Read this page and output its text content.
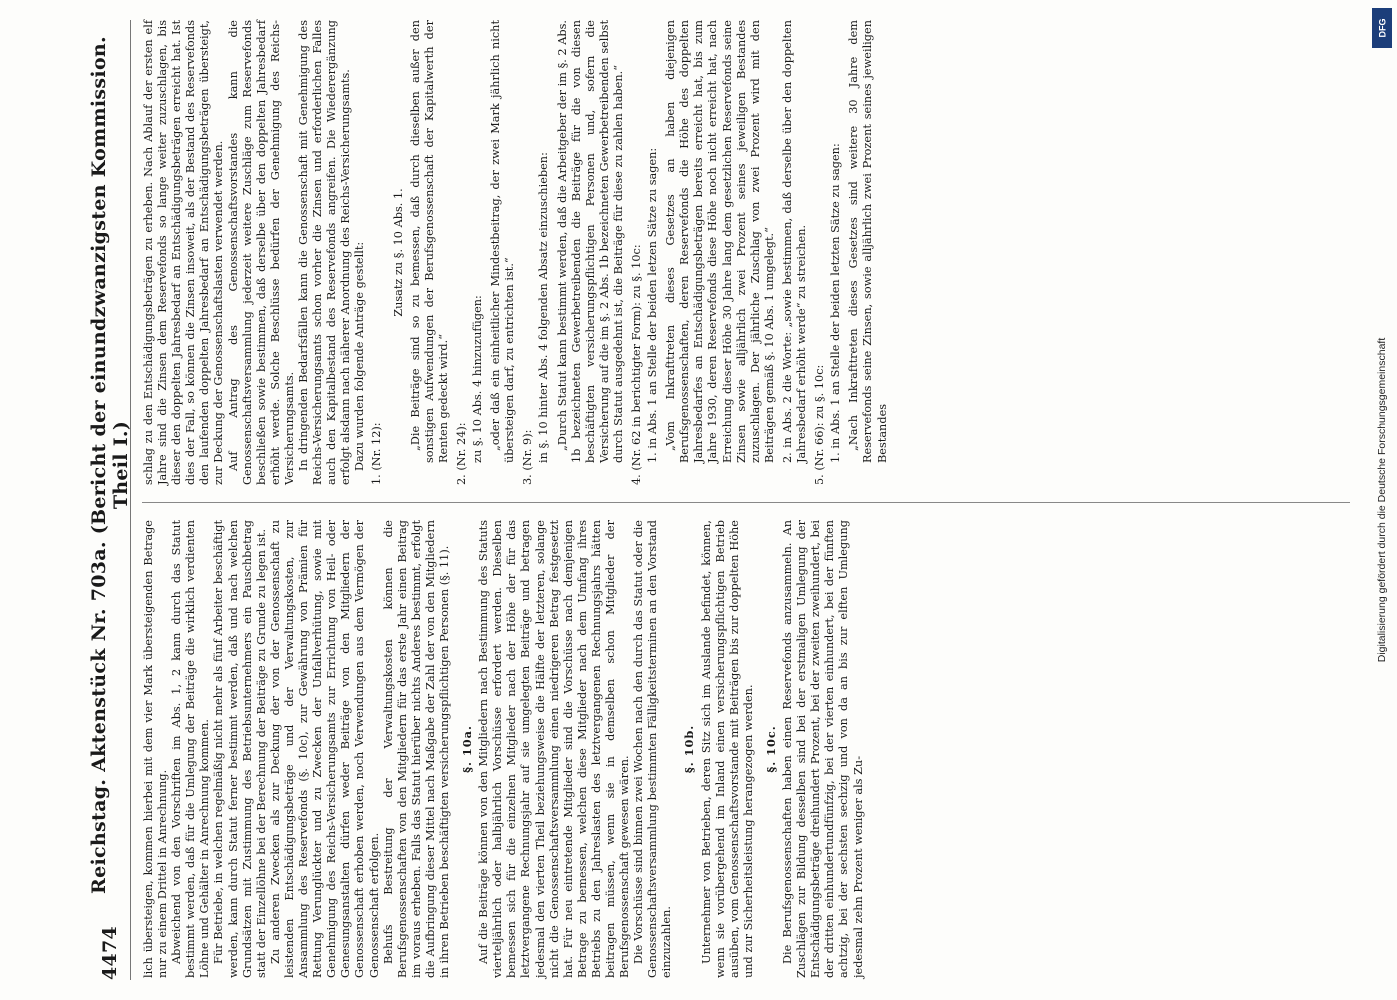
4474
Reichstag. Aktenstück Nr. 703a. (Bericht der einundzwanzigsten Kommission. Theil I.)

lich übersteigen, kommen hierbei mit dem vier Mark übersteigenden Betrage nur zu einem Drittel in Anrechnung. Abweichend von den Vorschriften im Abs. 1, 2 kann durch das Statut bestimmt werden, daß für die Umlegung der Beiträge die wirklich verdienten Löhne und Gehälter in Anrechnung kommen. Für Betriebe, in welchen regelmäßig nicht mehr als fünf Arbeiter beschäftigt werden, kann durch Statut ferner bestimmt werden, daß und nach welchen Grundsätzen mit Zustimmung des Betriebsunternehmers ein Pauschbetrag statt der Einzellöhne bei der Berechnung der Beiträge zu Grunde zu legen ist. Zu anderen Zwecken als zur Deckung der von der Genossenschaft zu leistenden Entschädigungsbeträge und der Verwaltungskosten, zur Ansammlung des Reservefonds (§. 10c), zur Gewährung von Prämien für Rettung Verunglückter und zu Zwecken der Unfallverhütung, sowie mit Genehmigung des Reichs-Versicherungsamts zur Errichtung von Heil- oder Genesungsanstalten dürfen weder Beiträge von den Mitgliedern der Genossenschaft erhoben werden, noch Verwendungen aus dem Vermögen der Genossenschaft erfolgen. Behufs Bestreitung der Verwaltungskosten können die Berufsgenossenschaften von den Mitgliedern für das erste Jahr einen Beitrag im voraus erheben. Falls das Statut hierüber nichts Anderes bestimmt, erfolgt die Aufbringung dieser Mittel nach Maßgabe der Zahl der von den Mitgliedern in ihren Betrieben beschäftigten versicherungspflichtigen Personen (§. 11). §. 10a. Auf die Beiträge können von den Mitgliedern nach Bestimmung des Statuts vierteljährlich oder halbjährlich Vorschüsse erfordert werden. Dieselben bemessen sich für die einzelnen Mitglieder nach der Höhe der für das letztvergangene Rechnungsjahr auf sie umgelegten Beiträge und betragen jedesmal den vierten Theil beziehungsweise die Hälfte der letzteren, solange nicht die Genossenschaftsversammlung einen niedrigeren Betrag festgesetzt hat. Für neu eintretende Mitglieder sind die Vorschüsse nach demjenigen Betrage zu bemessen, welchen diese Mitglieder nach dem Umfang ihres Betriebs zu den Jahreslasten des letztvergangenen Rechnungsjahrs hätten beitragen müssen, wenn sie in demselben schon Mitglieder der Berufsgenossenschaft gewesen wären. Die Vorschüsse sind binnen zwei Wochen nach den durch das Statut oder die Genossenschaftsversammlung bestimmten Fälligkeitsterminen an den Vorstand einzuzahlen.

§. 10b. Unternehmer von Betrieben, deren Sitz sich im Auslande befindet, können, wenn sie vorübergehend im Inland einen versicherungspflichtigen Betrieb ausüben, vom Genossenschaftsvorstande mit Beiträgen bis zur doppelten Höhe und zur Sicherheitsleistung herangezogen werden. §. 10c. Die Berufsgenossenschaften haben einen Reservefonds anzusammeln. An Zuschlägen zur Bildung desselben sind bei der erstmaligen Umlegung der Entschädigungsbeträge dreihundert Prozent, bei der zweiten zweihundert, bei der dritten einhundertundfünfzig, bei der vierten einhundert, bei der fünften achtzig, bei der sechsten sechzig und von da an bis zur elften Umlegung jedesmal zehn Prozent weniger als Zu-

schlag zu den Entschädigungsbeträgen zu erheben. Nach Ablauf der ersten elf Jahre sind die Zinsen dem Reservefonds so lange weiter zuzuschlagen, bis dieser den doppelten Jahresbedarf an Entschädigungsbeträgen erreicht hat. Ist dies der Fall, so können die Zinsen insoweit, als der Bestand des Reservefonds den laufenden doppelten Jahresbedarf an Entschädigungsbeträgen übersteigt, zur Deckung der Genossenschaftslasten verwendet werden. Auf Antrag des Genossenschaftsvorstandes kann die Genossenschaftsversammlung jederzeit weitere Zuschläge zum Reservefonds beschließen sowie bestimmen, daß derselbe über den doppelten Jahresbedarf erhöht werde. Solche Beschlüsse bedürfen der Genehmigung des Reichs-Versicherungsamts. In dringenden Bedarfsfällen kann die Genossenschaft mit Genehmigung des Reichs-Versicherungsamts schon vorher die Zinsen und erforderlichen Falles auch den Kapitalbestand des Reservefonds angreifen. Die Wiederergänzung erfolgt alsdann nach näherer Anordnung des Reichs-Versicherungsamts. Dazu wurden folgende Anträge gestellt: 1. (Nr. 12):
Zusatz zu §. 10 Abs. 1. „Die Beiträge sind so zu bemessen, daß durch dieselben außer den sonstigen Aufwendungen der Berufsgenossenschaft der Kapitalwerth der Renten gedeckt wird.“ 2. (Nr. 24): zu §. 10 Abs. 4 hinzuzufügen: „oder daß ein einheitlicher Mindestbeitrag, der zwei Mark jährlich nicht übersteigen darf, zu entrichten ist.“ 3. (Nr. 9): in §. 10 hinter Abs. 4 folgenden Absatz einzuschieben: „Durch Statut kann bestimmt werden, daß die Arbeitgeber der im §. 2 Abs. 1b bezeichneten Gewerbetreibenden die Beiträge für die von diesen beschäftigten versicherungspflichtigen Personen und, sofern die Versicherung auf die im §. 2 Abs. 1b bezeichneten Gewerbetreibenden selbst durch Statut ausgedehnt ist, die Beiträge für diese zu zahlen haben.“ 4. (Nr. 62 in berichtigter Form): zu §. 10c: 1. in Abs. 1 an Stelle der beiden letzen Sätze zu sagen: „Vom Inkrafttreten dieses Gesetzes an haben diejenigen Berufsgenossenschaften, deren Reservefonds die Höhe des doppelten Jahresbedarfes an Entschädigungsbeträgen bereits erreicht hat, bis zum Jahre 1930, deren Reservefonds diese Höhe noch nicht erreicht hat, nach Erreichung dieser Höhe 30 Jahre lang dem gesetzlichen Reservefonds seine Zinsen sowie alljährlich zwei Prozent seines jeweiligen Bestandes zuzuschlagen. Der jährliche Zuschlag von zwei Prozent wird mit den Beiträgen gemäß §. 10 Abs. 1 umgelegt.“ 2. in Abs. 2 die Worte: „sowie bestimmen, daß derselbe über den doppelten Jahresbedarf erhöht werde“ zu streichen. 5. (Nr. 66): zu §. 10c: 1. in Abs. 1 an Stelle der beiden letzten Sätze zu sagen: „Nach Inkrafttreten dieses Gesetzes sind weitere 30 Jahre dem Reservefonds seine Zinsen, sowie alljährlich zwei Prozent seines jeweiligen Bestandes

DFG
Digitalisierung gefördert durch die Deutsche Forschungsgemeinschaft
